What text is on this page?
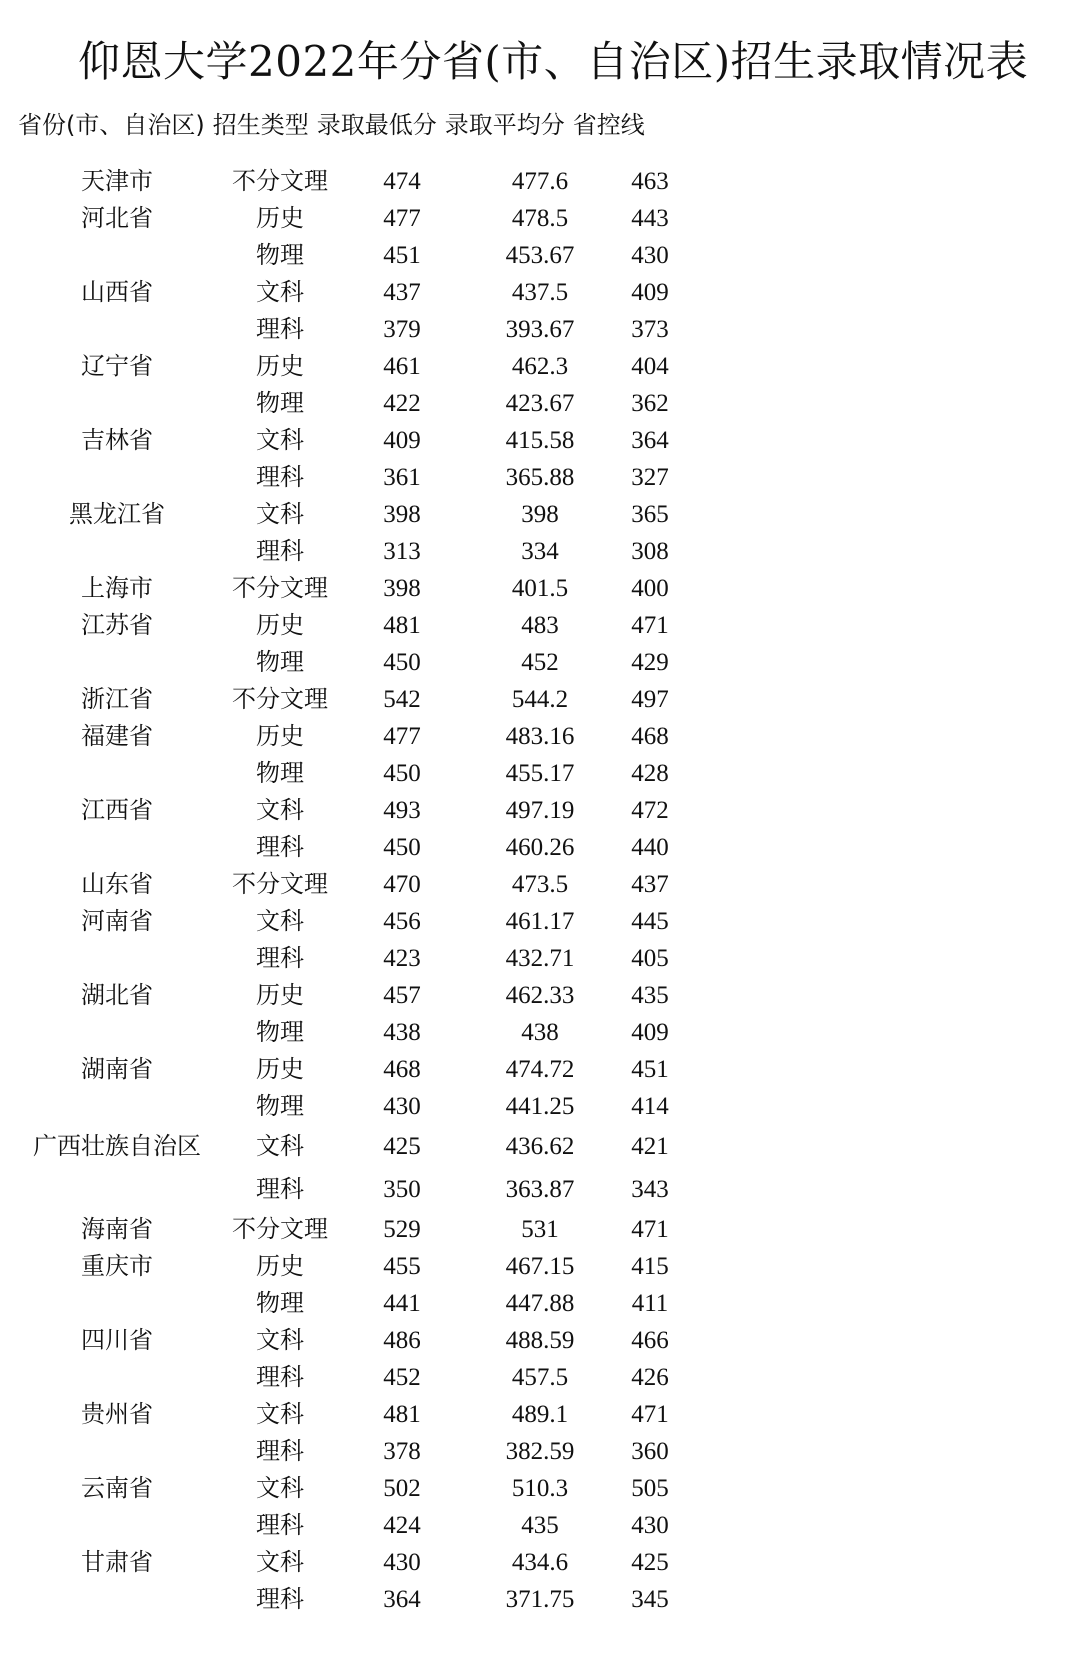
仰恩大学2022年分省(市、自治区)招生录取情况表
省份(市、自治区) 招生类型 录取最低分 录取平均分 省控线
天津市	不分文理	474	477.6	463
河北省	历史	477	478.5	443
物理	451	453.67	430
山西省	文科	437	437.5	409
理科	379	393.67	373
辽宁省	历史	461	462.3	404
物理	422	423.67	362
吉林省	文科	409	415.58	364
理科	361	365.88	327
黑龙江省	文科	398	398	365
理科	313	334	308
上海市	不分文理	398	401.5	400
江苏省	历史	481	483	471
物理	450	452	429
浙江省	不分文理	542	544.2	497
福建省	历史	477	483.16	468
物理	450	455.17	428
江西省	文科	493	497.19	472
理科	450	460.26	440
山东省	不分文理	470	473.5	437
河南省	文科	456	461.17	445
理科	423	432.71	405
湖北省	历史	457	462.33	435
物理	438	438	409
湖南省	历史	468	474.72	451
物理	430	441.25	414
广西壮族自治区	文科	425	436.62	421
理科	350	363.87	343
海南省	不分文理	529	531	471
重庆市	历史	455	467.15	415
物理	441	447.88	411
四川省	文科	486	488.59	466
理科	452	457.5	426
贵州省	文科	481	489.1	471
理科	378	382.59	360
云南省	文科	502	510.3	505
理科	424	435	430
甘肃省	文科	430	434.6	425
理科	364	371.75	345
